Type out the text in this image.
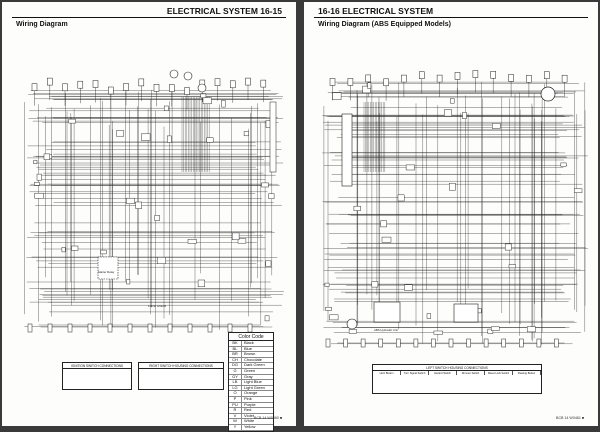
ELECTRICAL SYSTEM 16-15
Wiring Diagram
Frame Ground
Starter Relay
Color Code
BK	Black
BL	Blue
BR	Brown
CH	Chocolate
DG	Dark Green
G	Green
GY	Gray
LB	Light Blue
LG	Light Green
O	Orange
P	Pink
PU	Purple
R	Red
V	Violet
W	White
Y	Yellow
IGNITION SWITCH CONNECTIONS	RIGHT SWITCH HOUSING CONNECTIONS
BCB 14 W0460 ■
16-16 ELECTRICAL SYSTEM
Wiring Diagram (ABS Equipped Models)
ABS Hydraulic Unit
LEFT SWITCH HOUSING CONNECTIONS
Horn Button	Turn Signal Switch	Hazard Switch	Dimmer Switch	Reset Lock Switch	Passing Button
BCB 14 W0461 ■
